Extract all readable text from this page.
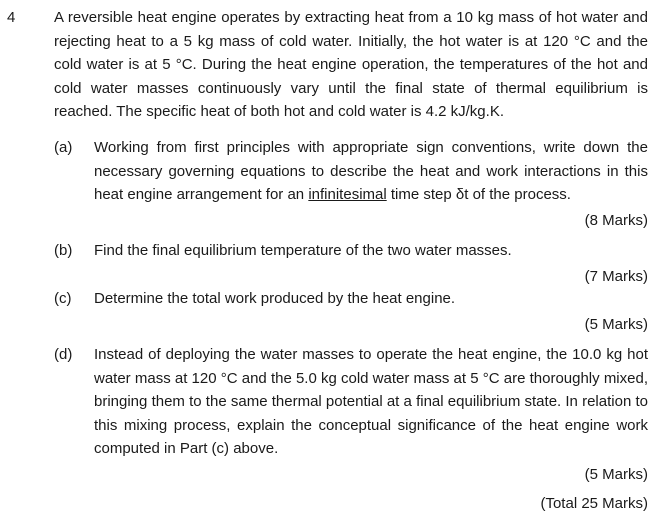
4	A reversible heat engine operates by extracting heat from a 10 kg mass of hot water and rejecting heat to a 5 kg mass of cold water. Initially, the hot water is at 120 °C and the cold water is at 5 °C. During the heat engine operation, the temperatures of the hot and cold water masses continuously vary until the final state of thermal equilibrium is reached. The specific heat of both hot and cold water is 4.2 kJ/kg.K.
(a) Working from first principles with appropriate sign conventions, write down the necessary governing equations to describe the heat and work interactions in this heat engine arrangement for an infinitesimal time step δt of the process.
(8 Marks)
(b) Find the final equilibrium temperature of the two water masses.
(7 Marks)
(c) Determine the total work produced by the heat engine.
(5 Marks)
(d) Instead of deploying the water masses to operate the heat engine, the 10.0 kg hot water mass at 120 °C and the 5.0 kg cold water mass at 5 °C are thoroughly mixed, bringing them to the same thermal potential at a final equilibrium state. In relation to this mixing process, explain the conceptual significance of the heat engine work computed in Part (c) above.
(5 Marks)
(Total 25 Marks)
